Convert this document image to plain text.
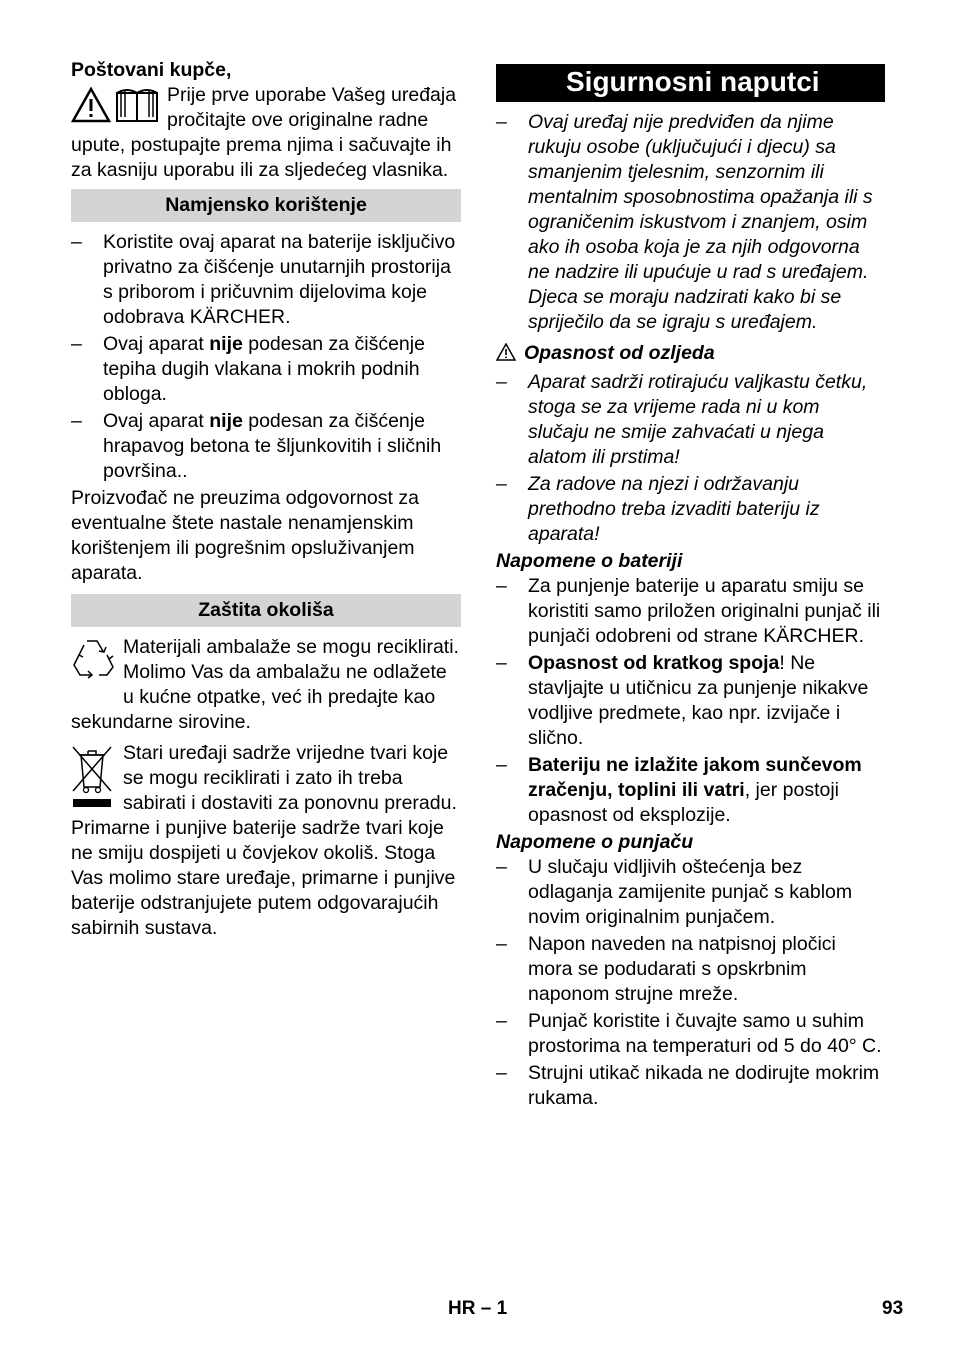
Poštovani kupče,

Prije prve uporabe Vašeg uređaja pročitajte ove originalne radne upute, postupajte prema njima i sačuvajte ih za kasniju uporabu ili za sljedećeg vlasnika.

Namjensko korištenje
– Koristite ovaj aparat na baterije isključivo privatno za čišćenje unutarnjih prostorija s priborom i pričuvnim dijelovima koje odobrava KÄRCHER.
– Ovaj aparat nije podesan za čišćenje tepiha dugih vlakana i mokrih podnih obloga.
– Ovaj aparat nije podesan za čišćenje hrapavog betona te šljunkovitih i sličnih površina..

Proizvođač ne preuzima odgovornost za eventualne štete nastale nenamjenskim korištenjem ili pogrešnim opsluživanjem aparata.

Zaštita okoliša

Materijali ambalaže se mogu reciklirati. Molimo Vas da ambalažu ne odlažete u kućne otpatke, već ih predajte kao sekundarne sirovine.

Stari uređaji sadrže vrijedne tvari koje se mogu reciklirati i zato ih treba sabirati i dostaviti za ponovnu preradu. Primarne i punjive baterije sadrže tvari koje ne smiju dospijeti u čovjekov okoliš. Stoga Vas molimo stare uređaje, primarne i punjive baterije odstranjujete putem odgovarajućih sabirnih sustava.

Sigurnosni naputci
– Ovaj uređaj nije predviđen da njime rukuju osobe (uključujući i djecu) sa smanjenim tjelesnim, senzornim ili mentalnim sposobnostima opažanja ili s ograničenim iskustvom i znanjem, osim ako ih osoba koja je za njih odgovorna ne nadzire ili upućuje u rad s uređajem. Djeca se moraju nadzirati kako bi se spriječilo da se igraju s uređajem.

Opasnost od ozljeda

– Aparat sadrži rotirajuću valjkastu četku, stoga se za vrijeme rada ni u kom slučaju ne smije zahvaćati u njega alatom ili prstima!
– Za radove na njezi i održavanju prethodno treba izvaditi bateriju iz aparata!

Napomene o bateriji

– Za punjenje baterije u aparatu smiju se koristiti samo priložen originalni punjač ili punjači odobreni od strane KÄRCHER.
– Opasnost od kratkog spoja! Ne stavljajte u utičnicu za punjenje nikakve vodljive predmete, kao npr. izvijače i slično.
– Bateriju ne izlažite jakom sunčevom zračenju, toplini ili vatri, jer postoji opasnost od eksplozije.

Napomene o punjaču

– U slučaju vidljivih oštećenja bez odlaganja zamijenite punjač s kablom novim originalnim punjačem.
– Napon naveden na natpisnoj pločici mora se podudarati s opskrbnim naponom strujne mreže.
– Punjač koristite i čuvajte samo u suhim prostorima na temperaturi od 5 do 40° C.
– Strujni utikač nikada ne dodirujte mokrim rukama.
HR – 1	93
